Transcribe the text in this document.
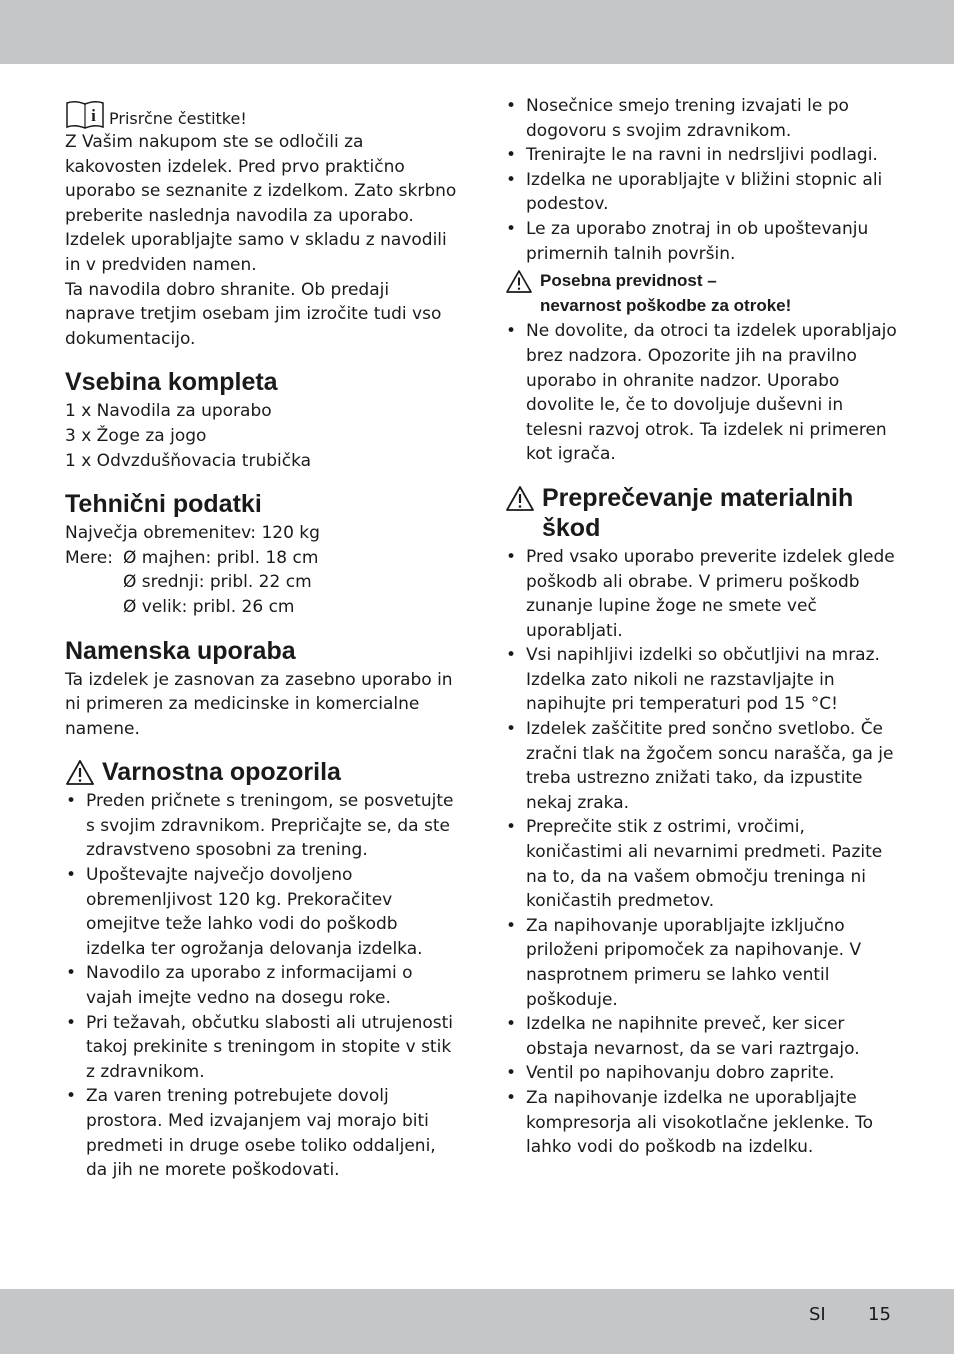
i Prisrčne čestitke!

Z Vašim nakupom ste se odločili za kakovosten izdelek. Pred prvo praktično uporabo se seznanite z izdelkom. Zato skrbno preberite naslednja navodila za uporabo. Izdelek uporabljajte samo v skladu z navodili in v predviden namen.

Ta navodila dobro shranite. Ob predaji naprave tretjim osebam jim izročite tudi vso dokumentacijo.

Vsebina kompleta

1 x Navodila za uporabo

3 x Žoge za jogo

1 x Odvzdušňovacia trubička

Tehnični podatki

Največja obremenitev: 120 kg

Mere: Ø majhen: pribl. 18 cm

Ø srednji: pribl. 22 cm

Ø velik: pribl. 26 cm

Namenska uporaba

Ta izdelek je zasnovan za zasebno uporabo in ni primeren za medicinske in komercialne namene.

Varnostna opozorila
• Preden pričnete s treningom, se posvetujte s svojim zdravnikom. Prepričajte se, da ste zdravstveno sposobni za trening.
• Upoštevajte največjo dovoljeno obremenljivost 120 kg. Prekoračitev omejitve teže lahko vodi do poškodb izdelka ter ogrožanja delovanja izdelka.
• Navodilo za uporabo z informacijami o vajah imejte vedno na dosegu roke.
• Pri težavah, občutku slabosti ali utrujenosti takoj prekinite s treningom in stopite v stik z zdravnikom.
• Za varen trening potrebujete dovolj prostora. Med izvajanjem vaj morajo biti predmeti in druge osebe toliko oddaljeni, da jih ne morete poškodovati.
• Nosečnice smejo trening izvajati le po dogovoru s svojim zdravnikom.
• Trenirajte le na ravni in nedrsljivi podlagi.
• Izdelka ne uporabljajte v bližini stopnic ali podestov.
• Le za uporabo znotraj in ob upoštevanju primernih talnih površin.
Posebna previdnost –
nevarnost poškodbe za otroke!
• Ne dovolite, da otroci ta izdelek uporabljajo brez nadzora. Opozorite jih na pravilno uporabo in ohranite nadzor. Uporabo dovolite le, če to dovoljuje duševni in telesni razvoj otrok. Ta izdelek ni primeren kot igrača.
Preprečevanje materialnih škod
• Pred vsako uporabo preverite izdelek glede poškodb ali obrabe. V primeru poškodb zunanje lupine žoge ne smete več uporabljati.
• Vsi napihljivi izdelki so občutljivi na mraz. Izdelka zato nikoli ne razstavljajte in napihujte pri temperaturi pod 15 °C!
• Izdelek zaščitite pred sončno svetlobo. Če zračni tlak na žgočem soncu narašča, ga je treba ustrezno znižati tako, da izpustite nekaj zraka.
• Preprečite stik z ostrimi, vročimi, koničastimi ali nevarnimi predmeti. Pazite na to, da na vašem območju treninga ni koničastih predmetov.
• Za napihovanje uporabljajte izključno priloženi pripomoček za napihovanje. V nasprotnem primeru se lahko ventil poškoduje.
• Izdelka ne napihnite preveč, ker sicer obstaja nevarnost, da se vari raztrgajo.
• Ventil po napihovanju dobro zaprite.
• Za napihovanje izdelka ne uporabljajte kompresorja ali visokotlačne jeklenke. To lahko vodi do poškodb na izdelku.
SI 15
